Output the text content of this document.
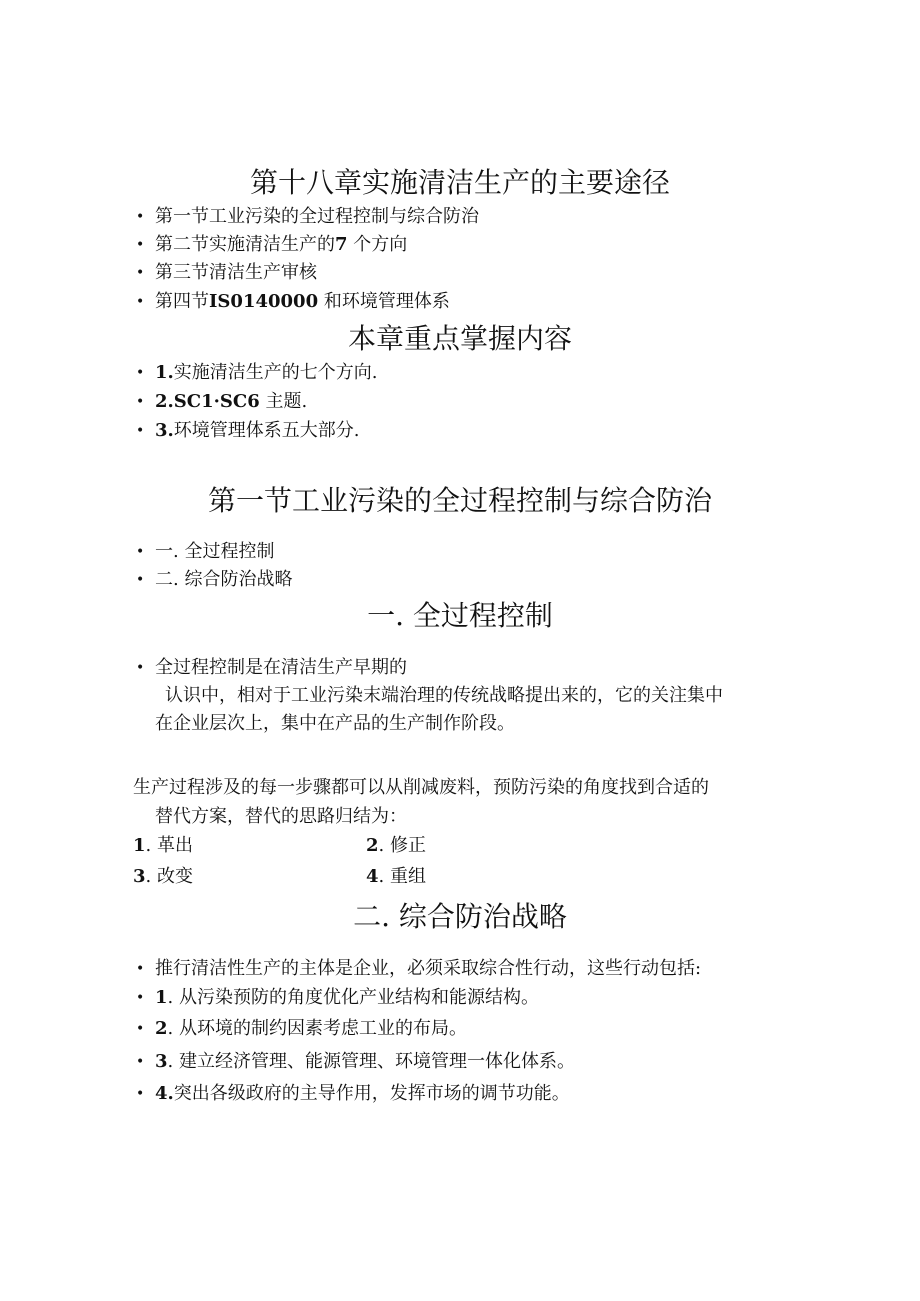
第十八章实施清洁生产的主要途径
• 第一节工业污染的全过程控制与综合防治
• 第二节实施清洁生产的7 个方向
• 第三节清洁生产审核
• 第四节IS0140000 和环境管理体系
本章重点掌握内容
• 1.实施清洁生产的七个方向.
• 2.SC1·SC6 主题.
• 3.环境管理体系五大部分.
第一节工业污染的全过程控制与综合防治
• 一. 全过程控制
• 二. 综合防治战略
一. 全过程控制
• 全过程控制是在清洁生产早期的
认识中，相对于工业污染末端治理的传统战略提出来的，它的关注集中
在企业层次上，集中在产品的生产制作阶段。
生产过程涉及的每一步骤都可以从削减废料，预防污染的角度找到合适的
替代方案，替代的思路归结为：
1. 革出	2. 修正
3. 改变	4. 重组
二. 综合防治战略
• 推行清洁性生产的主体是企业，必须采取综合性行动，这些行动包括:
• 1. 从污染预防的角度优化产业结构和能源结构。
• 2. 从环境的制约因素考虑工业的布局。
• 3. 建立经济管理、能源管理、环境管理一体化体系。
• 4.突出各级政府的主导作用，发挥市场的调节功能。
